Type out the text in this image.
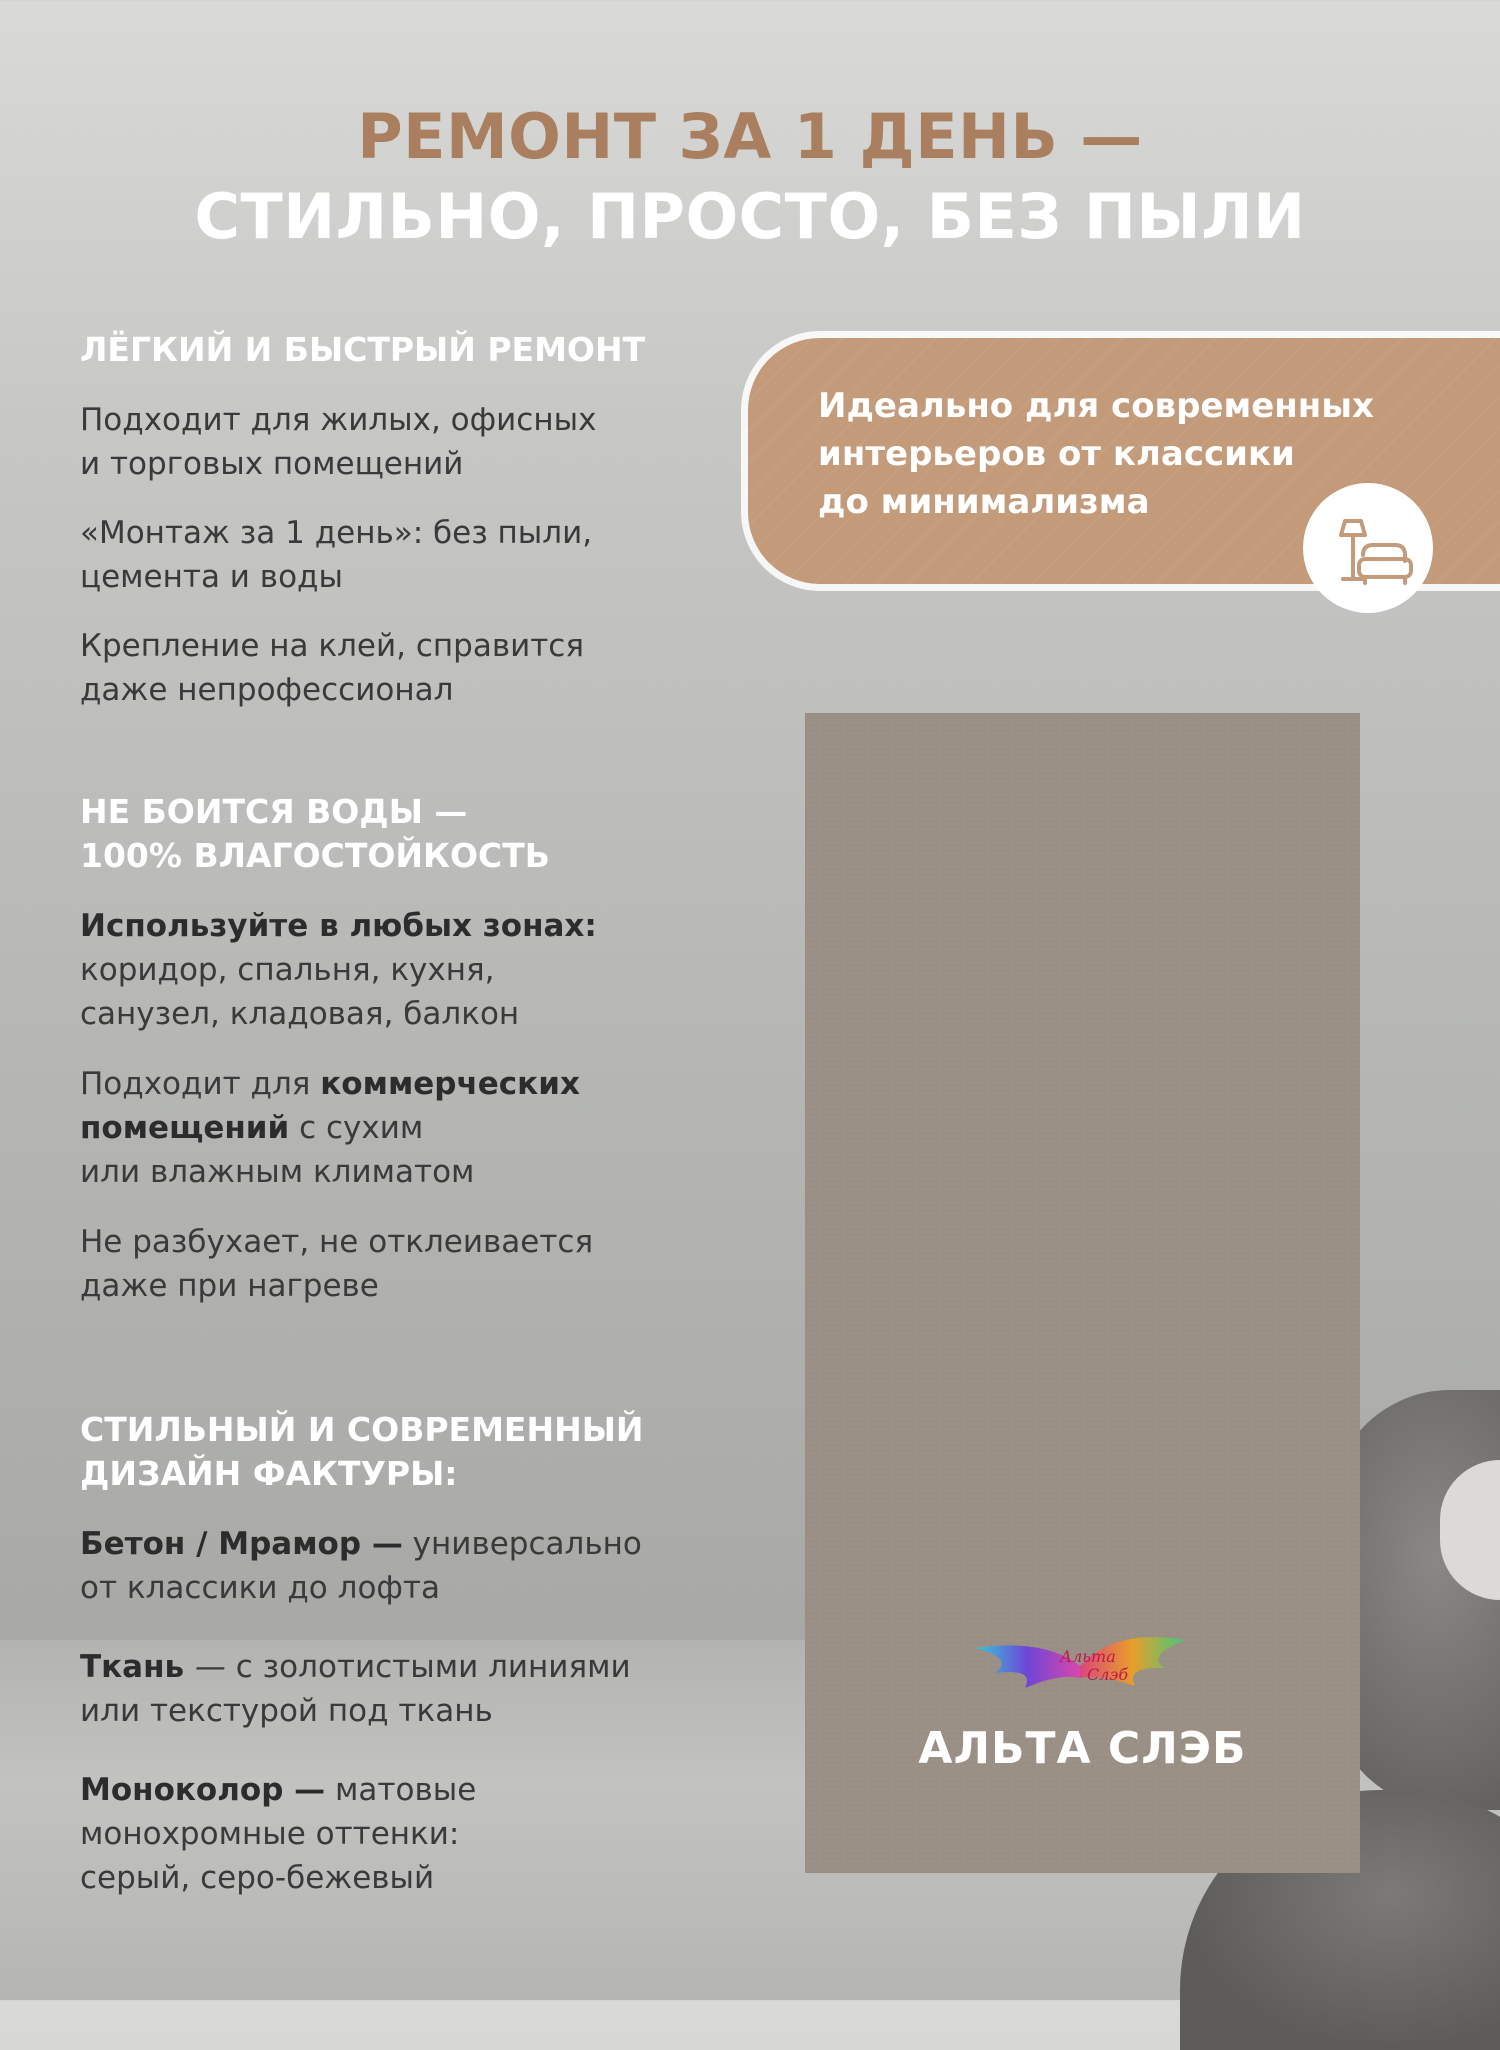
РЕМОНТ ЗА 1 ДЕНЬ —
СТИЛЬНО, ПРОСТО, БЕЗ ПЫЛИ
ЛЁГКИЙ И БЫСТРЫЙ РЕМОНТ
Подходит для жилых, офисных
и торговых помещений
«Монтаж за 1 день»: без пыли,
цемента и воды
Крепление на клей, справится
даже непрофессионал
НЕ БОИТСЯ ВОДЫ —
100% ВЛАГОСТОЙКОСТЬ
Используйте в любых зонах:
коридор, спальня, кухня,
санузел, кладовая, балкон
Подходит для коммерческих
помещений с сухим
или влажным климатом
Не разбухает, не отклеивается
даже при нагреве
СТИЛЬНЫЙ И СОВРЕМЕННЫЙ
ДИЗАЙН ФАКТУРЫ:
Бетон / Мрамор — универсально
от классики до лофта
Ткань — с золотистыми линиями
или текстурой под ткань
Моноколор — матовые
монохромные оттенки:
серый, серо-бежевый
Идеально для современных
интерьеров от классики
до минимализма
Альта
Слэб
АЛЬТА СЛЭБ
